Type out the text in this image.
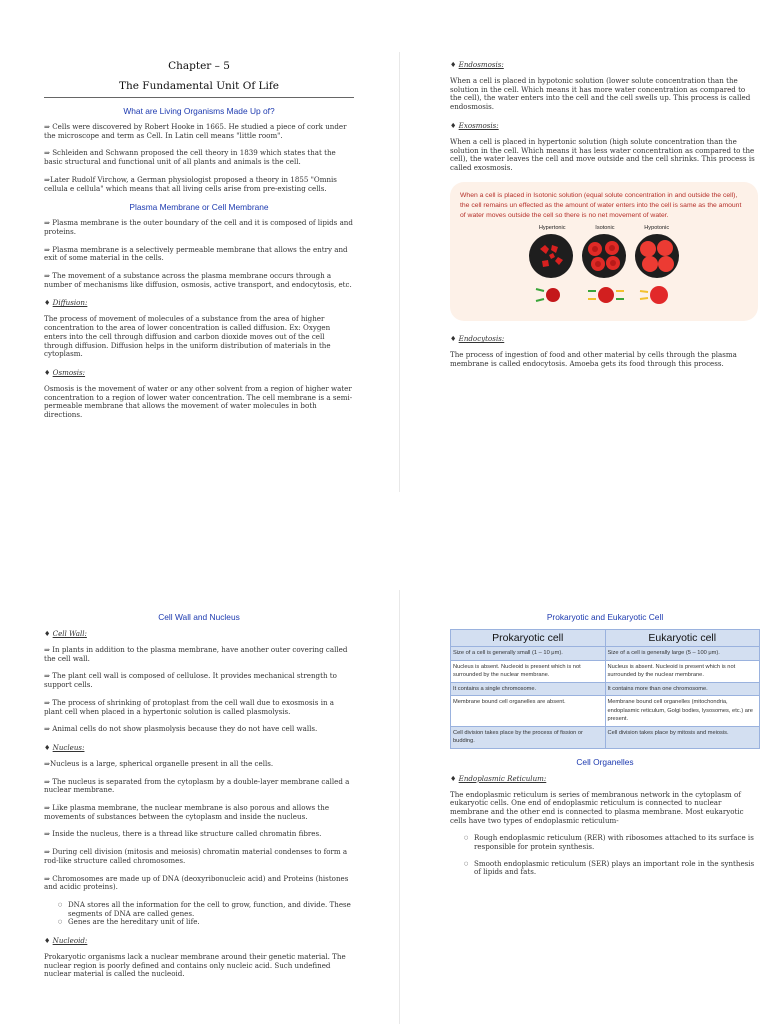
Chapter – 5
The Fundamental Unit Of Life
What are Living Organisms Made Up of?

⇒ Cells were discovered by Robert Hooke in 1665. He studied a piece of cork under the microscope and term as Cell. In Latin cell means "little room".

⇒ Schleiden and Schwann proposed the cell theory in 1839 which states that the basic structural and functional unit of all plants and animals is the cell.

⇒Later Rudolf Virchow, a German physiologist proposed a theory in 1855 "Omnis cellula e cellula" which means that all living cells arise from pre-existing cells.

Plasma Membrane or Cell Membrane

⇒ Plasma membrane is the outer boundary of the cell and it is composed of lipids and proteins.

⇒ Plasma membrane is a selectively permeable membrane that allows the entry and exit of some material in the cells.

⇒ The movement of a substance across the plasma membrane occurs through a number of mechanisms like diffusion, osmosis, active transport, and endocytosis, etc.

♦ Diffusion:

The process of movement of molecules of a substance from the area of higher concentration to the area of lower concentration is called diffusion. Ex: Oxygen enters into the cell through diffusion and carbon dioxide moves out of the cell through diffusion. Diffusion helps in the uniform distribution of materials in the cytoplasm.

♦ Osmosis:

Osmosis is the movement of water or any other solvent from a region of higher water concentration to a region of lower water concentration. The cell membrane is a semi-permeable membrane that allows the movement of water molecules in both directions.

♦ Endosmosis:

When a cell is placed in hypotonic solution (lower solute concentration than the solution in the cell. Which means it has more water concentration as compared to the cell), the water enters into the cell and the cell swells up. This process is called endosmosis.

♦ Exosmosis:

When a cell is placed in hypertonic solution (high solute concentration than the solution in the cell. Which means it has less water concentration as compared to the cell), the water leaves the cell and move outside and the cell shrinks. This process is called exosmosis.

When a cell is placed in Isotonic solution (equal solute concentration in and outside the cell), the cell remains un effected as the amount of water enters into the cell is same as the amount of water moves outside the cell so there is no net movement of water.

Hypertonic	Isotonic	Hypotonic
♦ Endocytosis:

The process of ingestion of food and other material by cells through the plasma membrane is called endocytosis. Amoeba gets its food through this process.

Cell Wall and Nucleus
♦ Cell Wall:

⇒ In plants in addition to the plasma membrane, have another outer covering called the cell wall.

⇒ The plant cell wall is composed of cellulose. It provides mechanical strength to support cells.

⇒ The process of shrinking of protoplast from the cell wall due to exosmosis in a plant cell when placed in a hypertonic solution is called plasmolysis.

⇒ Animal cells do not show plasmolysis because they do not have cell walls.

♦ Nucleus:

⇒Nucleus is a large, spherical organelle present in all the cells.

⇒ The nucleus is separated from the cytoplasm by a double-layer membrane called a nuclear membrane.

⇒ Like plasma membrane, the nuclear membrane is also porous and allows the movements of substances between the cytoplasm and inside the nucleus.

⇒ Inside the nucleus, there is a thread like structure called chromatin fibres.

⇒ During cell division (mitosis and meiosis) chromatin material condenses to form a rod-like structure called chromosomes.

⇒ Chromosomes are made up of DNA (deoxyribonucleic acid) and Proteins (histones and acidic proteins).

○ DNA stores all the information for the cell to grow, function, and divide. These segments of DNA are called genes.
○ Genes are the hereditary unit of life.
♦ Nucleoid:

Prokaryotic organisms lack a nuclear membrane around their genetic material. The nuclear region is poorly defined and contains only nucleic acid. Such undefined nuclear material is called the nucleoid.

Prokaryotic and Eukaryotic Cell
Prokaryotic cell	Eukaryotic cell
Size of a cell is generally small (1 – 10 μm).	Size of a cell is generally large (5 – 100 μm).
Nucleus is absent. Nucleoid is present which is not surrounded by the nuclear membrane.	Nucleus is absent. Nucleoid is present which is not surrounded by the nuclear membrane.
It contains a single chromosome.	It contains more than one chromosome.
Membrane bound cell organelles are absent.	Membrane bound cell organelles (mitochondria, endoplasmic reticulum, Golgi bodies, lysosomes, etc.) are present.
Cell division takes place by the process of fission or budding.	Cell division takes place by mitosis and meiosis.
Cell Organelles
♦ Endoplasmic Reticulum:

The endoplasmic reticulum is series of membranous network in the cytoplasm of eukaryotic cells. One end of endoplasmic reticulum is connected to nuclear membrane and the other end is connected to plasma membrane. Most eukaryotic cells have two types of endoplasmic reticulum-

○ Rough endoplasmic reticulum (RER) with ribosomes attached to its surface is responsible for protein synthesis.
○ Smooth endoplasmic reticulum (SER) plays an important role in the synthesis of lipids and fats.
